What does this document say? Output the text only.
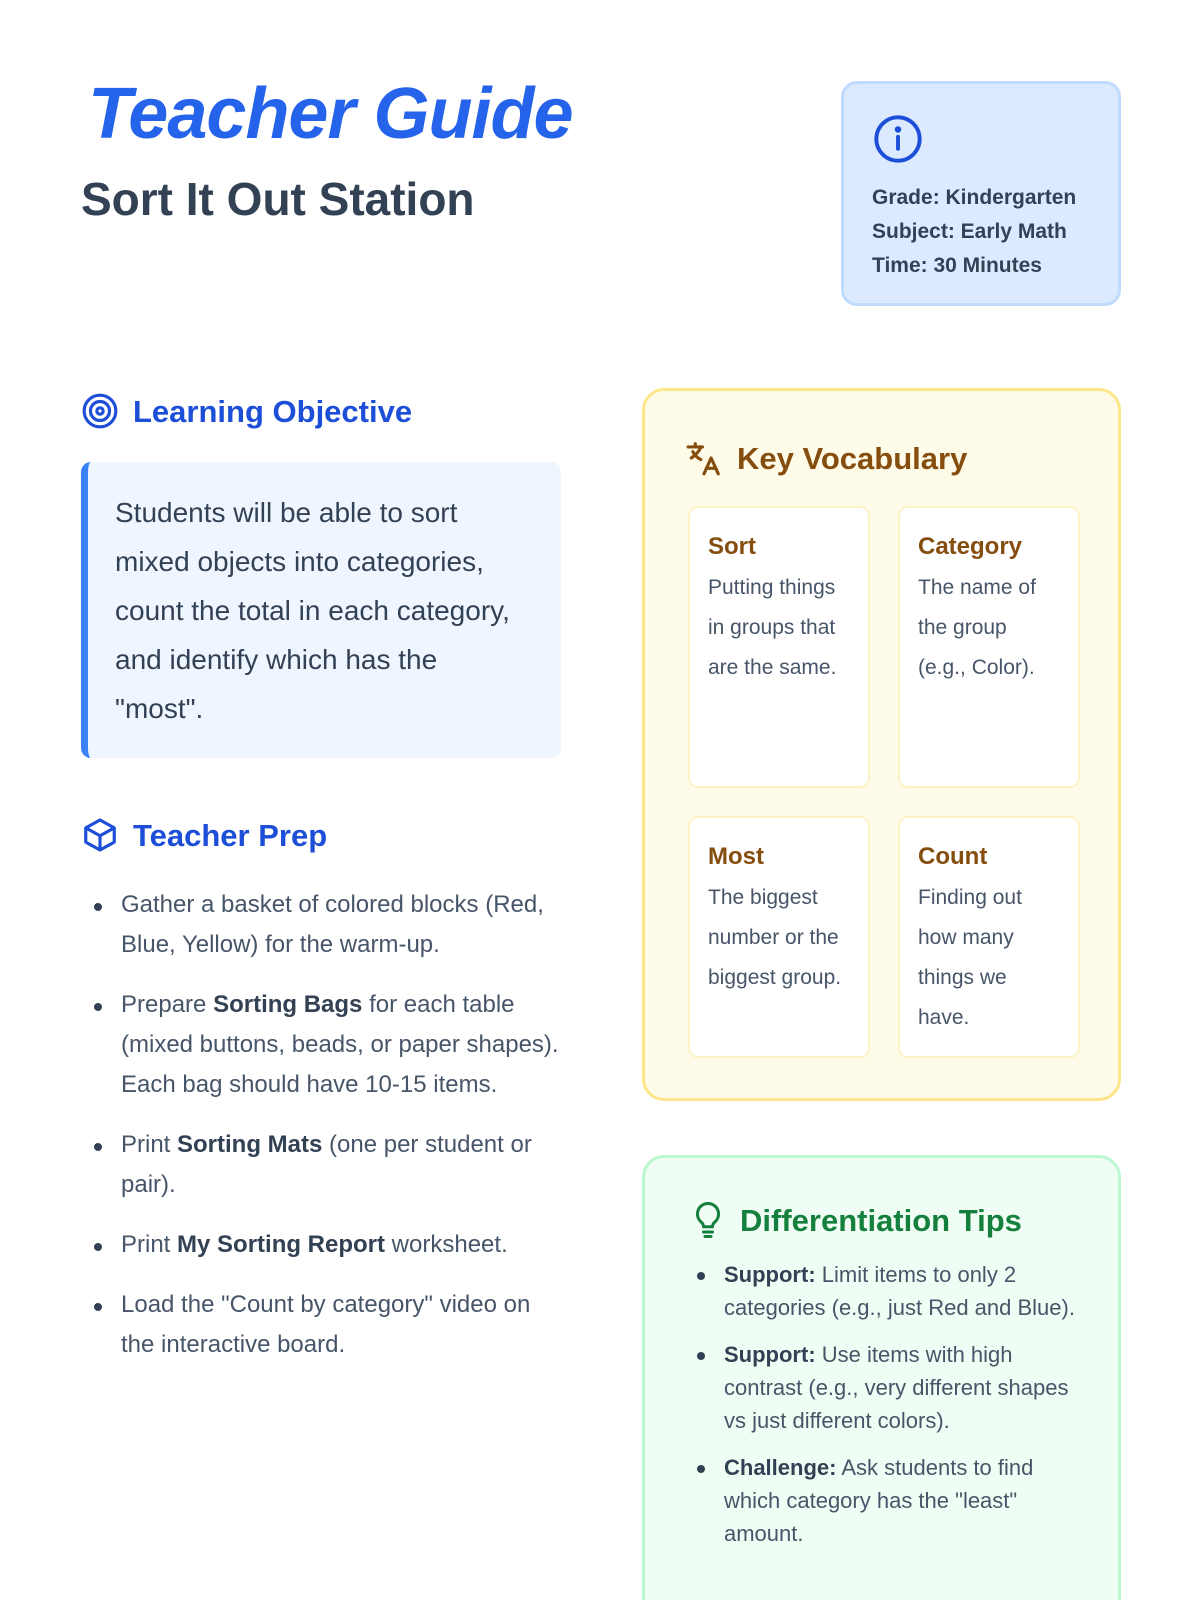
Teacher Guide
Sort It Out Station	Grade: Kindergarten
Subject: Early Math
Time: 30 Minutes
Learning Objective
Students will be able to sort mixed objects into categories, count the total in each category, and identify which has the "most".
Teacher Prep
Gather a basket of colored blocks (Red, Blue, Yellow) for the warm-up.
Prepare Sorting Bags for each table (mixed buttons, beads, or paper shapes). Each bag should have 10-15 items.
Print Sorting Mats (one per student or pair).
Print My Sorting Report worksheet.
Load the "Count by category" video on the interactive board.
Key Vocabulary
Sort
Putting things in groups that are the same.
Category
The name of the group (e.g., Color).
Most
The biggest number or the biggest group.
Count
Finding out how many things we have.
Differentiation Tips
Support: Limit items to only 2 categories (e.g., just Red and Blue).
Support: Use items with high contrast (e.g., very different shapes vs just different colors).
Challenge: Ask students to find which category has the "least" amount.
